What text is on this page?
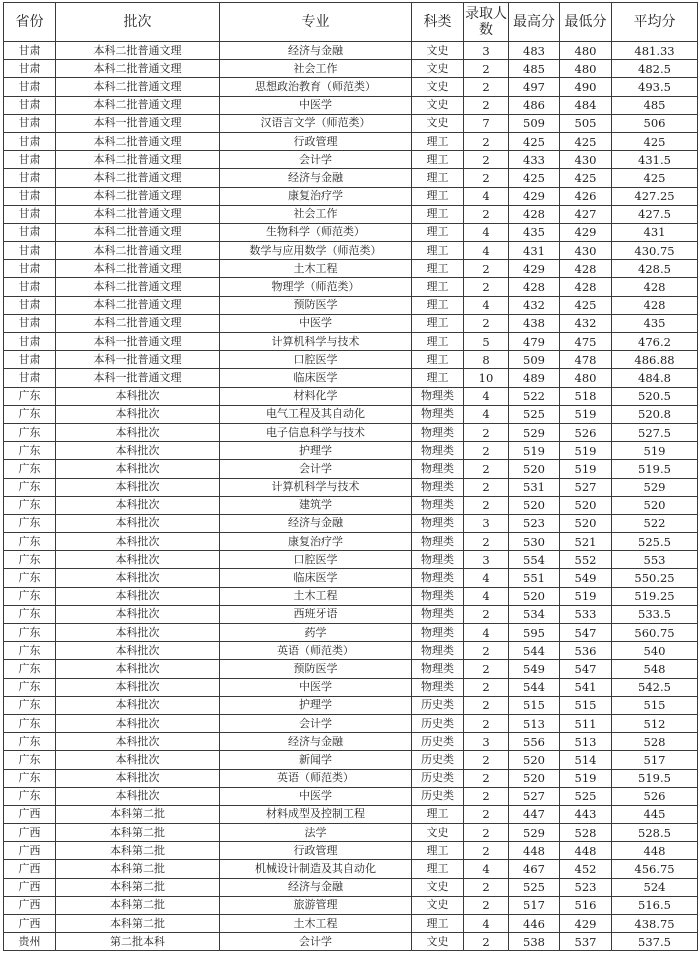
省份	批次	专业	科类	录取人数	最高分	最低分	平均分
甘肃	本科二批普通文理	经济与金融	文史	3	483	480	481.33
甘肃	本科二批普通文理	社会工作	文史	2	485	480	482.5
甘肃	本科二批普通文理	思想政治教育（师范类）	文史	2	497	490	493.5
甘肃	本科二批普通文理	中医学	文史	2	486	484	485
甘肃	本科一批普通文理	汉语言文学（师范类）	文史	7	509	505	506
甘肃	本科二批普通文理	行政管理	理工	2	425	425	425
甘肃	本科二批普通文理	会计学	理工	2	433	430	431.5
甘肃	本科二批普通文理	经济与金融	理工	2	425	425	425
甘肃	本科二批普通文理	康复治疗学	理工	4	429	426	427.25
甘肃	本科二批普通文理	社会工作	理工	2	428	427	427.5
甘肃	本科二批普通文理	生物科学（师范类）	理工	4	435	429	431
甘肃	本科二批普通文理	数学与应用数学（师范类）	理工	4	431	430	430.75
甘肃	本科二批普通文理	土木工程	理工	2	429	428	428.5
甘肃	本科二批普通文理	物理学（师范类）	理工	2	428	428	428
甘肃	本科二批普通文理	预防医学	理工	4	432	425	428
甘肃	本科二批普通文理	中医学	理工	2	438	432	435
甘肃	本科一批普通文理	计算机科学与技术	理工	5	479	475	476.2
甘肃	本科一批普通文理	口腔医学	理工	8	509	478	486.88
甘肃	本科一批普通文理	临床医学	理工	10	489	480	484.8
广东	本科批次	材料化学	物理类	4	522	518	520.5
广东	本科批次	电气工程及其自动化	物理类	4	525	519	520.8
广东	本科批次	电子信息科学与技术	物理类	2	529	526	527.5
广东	本科批次	护理学	物理类	2	519	519	519
广东	本科批次	会计学	物理类	2	520	519	519.5
广东	本科批次	计算机科学与技术	物理类	2	531	527	529
广东	本科批次	建筑学	物理类	2	520	520	520
广东	本科批次	经济与金融	物理类	3	523	520	522
广东	本科批次	康复治疗学	物理类	2	530	521	525.5
广东	本科批次	口腔医学	物理类	3	554	552	553
广东	本科批次	临床医学	物理类	4	551	549	550.25
广东	本科批次	土木工程	物理类	4	520	519	519.25
广东	本科批次	西班牙语	物理类	2	534	533	533.5
广东	本科批次	药学	物理类	4	595	547	560.75
广东	本科批次	英语（师范类）	物理类	2	544	536	540
广东	本科批次	预防医学	物理类	2	549	547	548
广东	本科批次	中医学	物理类	2	544	541	542.5
广东	本科批次	护理学	历史类	2	515	515	515
广东	本科批次	会计学	历史类	2	513	511	512
广东	本科批次	经济与金融	历史类	3	556	513	528
广东	本科批次	新闻学	历史类	2	520	514	517
广东	本科批次	英语（师范类）	历史类	2	520	519	519.5
广东	本科批次	中医学	历史类	2	527	525	526
广西	本科第二批	材料成型及控制工程	理工	2	447	443	445
广西	本科第二批	法学	文史	2	529	528	528.5
广西	本科第二批	行政管理	理工	2	448	448	448
广西	本科第二批	机械设计制造及其自动化	理工	4	467	452	456.75
广西	本科第二批	经济与金融	文史	2	525	523	524
广西	本科第二批	旅游管理	文史	2	517	516	516.5
广西	本科第二批	土木工程	理工	4	446	429	438.75
贵州	第二批本科	会计学	文史	2	538	537	537.5
